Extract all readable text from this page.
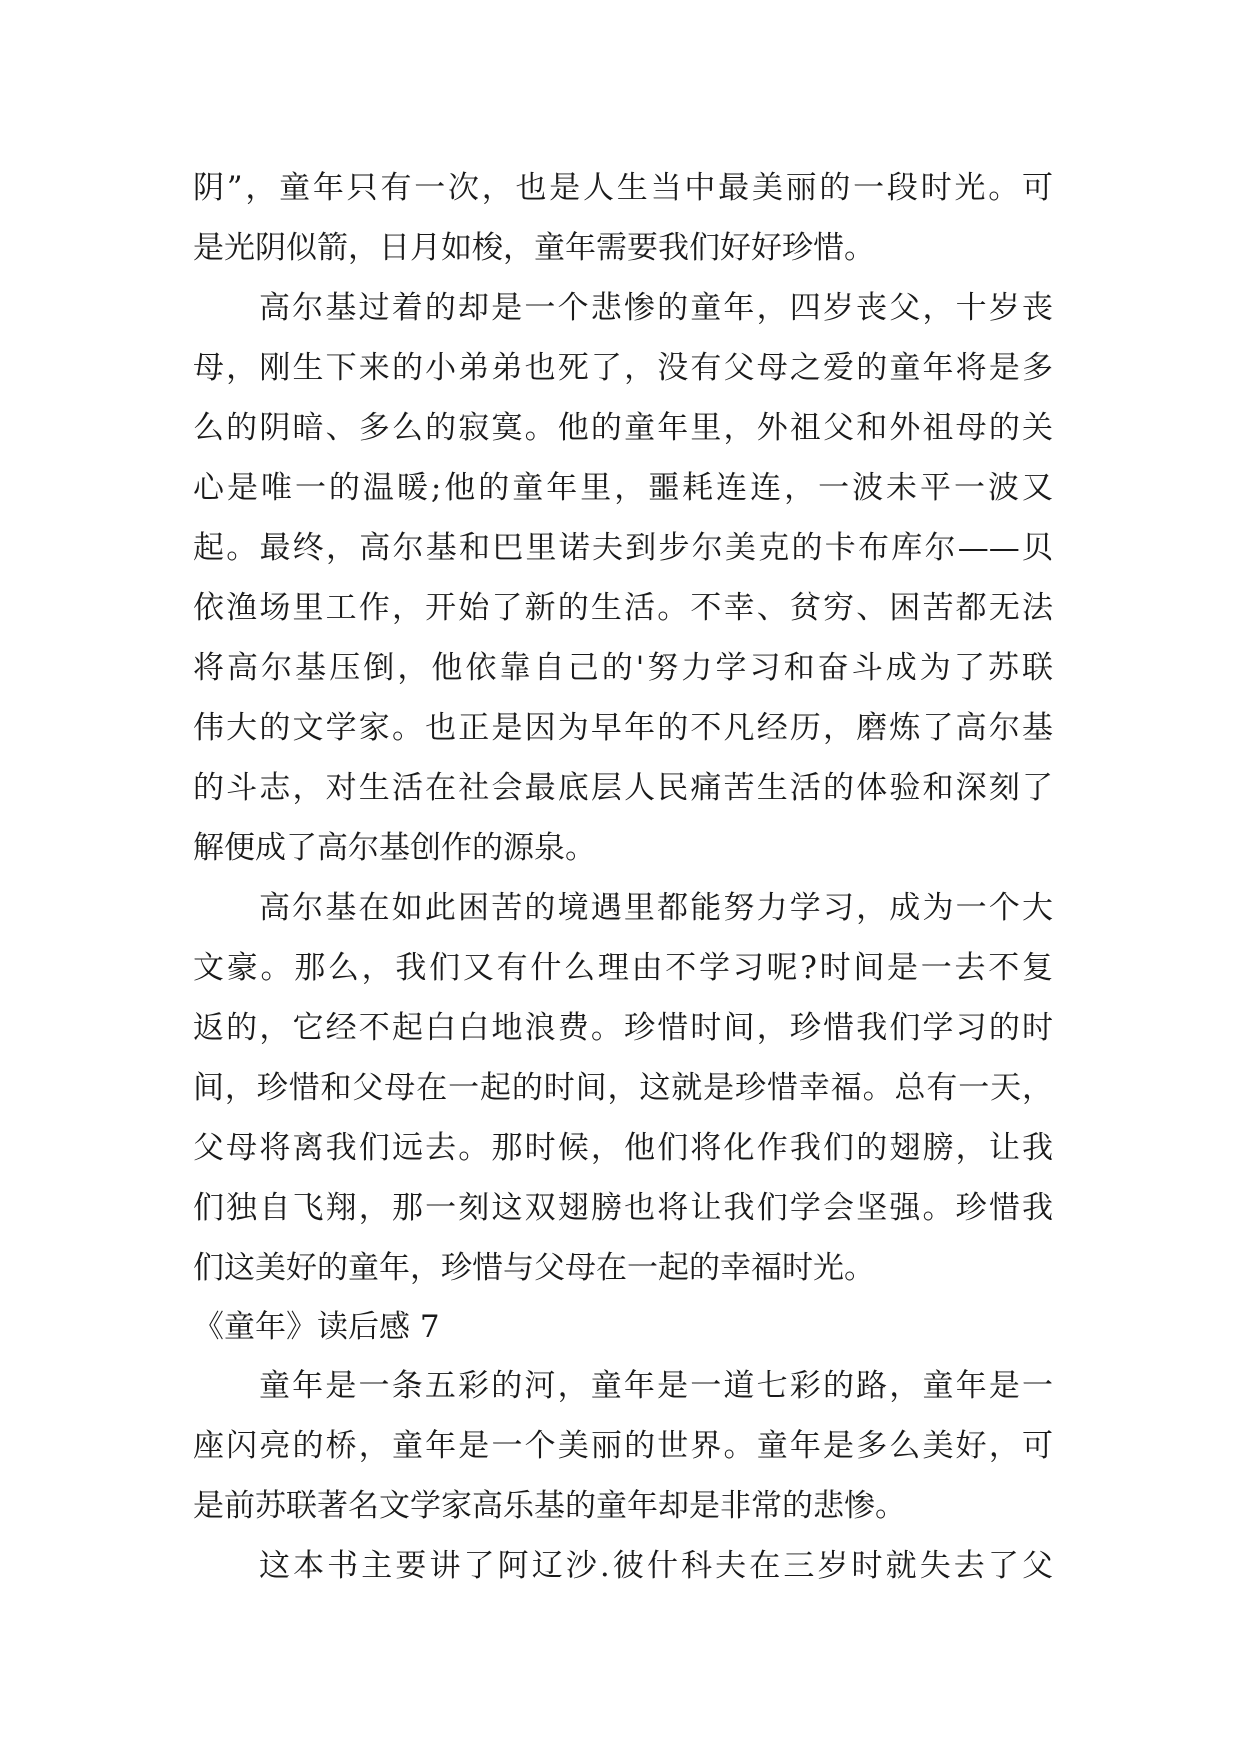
阴”，童年只有一次，也是人生当中最美丽的一段时光。可
是光阴似箭，日月如梭，童年需要我们好好珍惜。
高尔基过着的却是一个悲惨的童年，四岁丧父，十岁丧
母，刚生下来的小弟弟也死了，没有父母之爱的童年将是多
么的阴暗、多么的寂寞。他的童年里，外祖父和外祖母的关
心是唯一的温暖;他的童年里，噩耗连连，一波未平一波又
起。最终，高尔基和巴里诺夫到步尔美克的卡布库尔——贝
依渔场里工作，开始了新的生活。不幸、贫穷、困苦都无法
将高尔基压倒，他依靠自己的'努力学习和奋斗成为了苏联
伟大的文学家。也正是因为早年的不凡经历，磨炼了高尔基
的斗志，对生活在社会最底层人民痛苦生活的体验和深刻了
解便成了高尔基创作的源泉。
高尔基在如此困苦的境遇里都能努力学习，成为一个大
文豪。那么，我们又有什么理由不学习呢?时间是一去不复
返的，它经不起白白地浪费。珍惜时间，珍惜我们学习的时
间，珍惜和父母在一起的时间，这就是珍惜幸福。总有一天，
父母将离我们远去。那时候，他们将化作我们的翅膀，让我
们独自飞翔，那一刻这双翅膀也将让我们学会坚强。珍惜我
们这美好的童年，珍惜与父母在一起的幸福时光。
《童年》读后感 7
童年是一条五彩的河，童年是一道七彩的路，童年是一
座闪亮的桥，童年是一个美丽的世界。童年是多么美好，可
是前苏联著名文学家高乐基的童年却是非常的悲惨。
这本书主要讲了阿辽沙.彼什科夫在三岁时就失去了父
